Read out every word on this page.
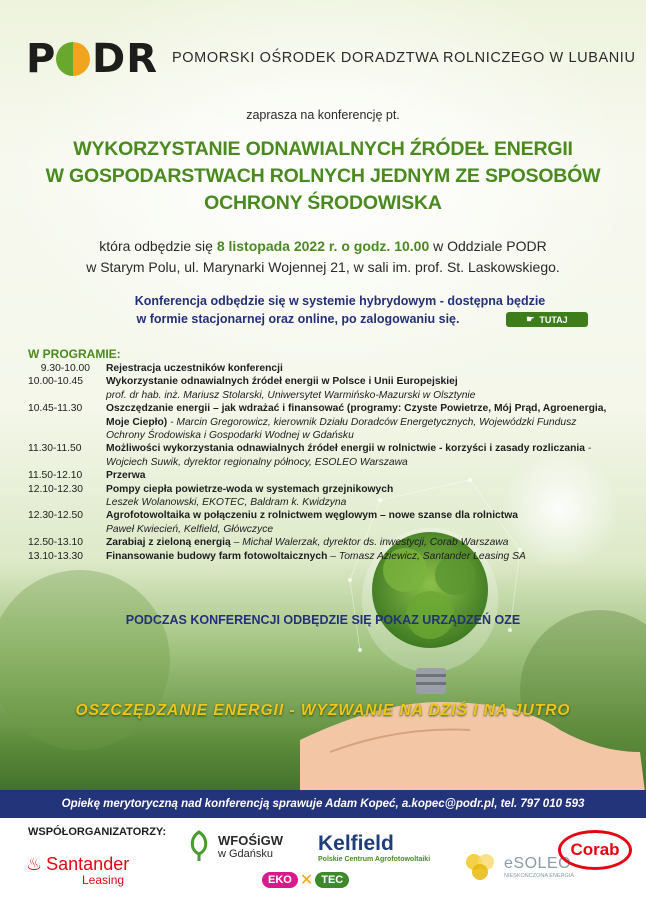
P DR POMORSKI OŚRODEK DORADZTWA ROLNICZEGO W LUBANIU
zaprasza na konferencję pt.
WYKORZYSTANIE ODNAWIALNYCH ŹRÓDEŁ ENERGII
W GOSPODARSTWACH ROLNYCH JEDNYM ZE SPOSOBÓW
OCHRONY ŚRODOWISKA
która odbędzie się 8 listopada 2022 r. o godz. 10.00 w Oddziale PODR
w Starym Polu, ul. Marynarki Wojennej 21, w sali im. prof. St. Laskowskiego.
Konferencja odbędzie się w systemie hybrydowym - dostępna będzie
w formie stacjonarnej oraz online, po zalogowaniu się.	☛ TUTAJ
W PROGRAMIE:
9.30-10.00	Rejestracja uczestników konferencji
10.00-10.45	Wykorzystanie odnawialnych źródeł energii w Polsce i Unii Europejskiej
prof. dr hab. inż. Mariusz Stolarski, Uniwersytet Warmińsko-Mazurski w Olsztynie
10.45-11.30	Oszczędzanie energii – jak wdrażać i finansować (programy: Czyste Powietrze, Mój Prąd, Agroenergia, Moje Ciepło) - Marcin Gregorowicz, kierownik Działu Doradców Energetycznych, Wojewódzki Fundusz Ochrony Środowiska i Gospodarki Wodnej w Gdańsku
11.30-11.50	Możliwości wykorzystania odnawialnych źródeł energii w rolnictwie - korzyści i zasady rozliczania - Wojciech Suwik, dyrektor regionalny północy, ESOLEO Warszawa
11.50-12.10	Przerwa
12.10-12.30	Pompy ciepła powietrze-woda w systemach grzejnikowych
Leszek Wolanowski, EKOTEC, Baldram k. Kwidzyna
12.30-12.50	Agrofotowoltaika w połączeniu z rolnictwem węglowym – nowe szanse dla rolnictwa
Paweł Kwiecień, Kelfield, Główczyce
12.50-13.10	Zarabiaj z zieloną energią – Michał Walerzak, dyrektor ds. inwestycji, Corab Warszawa
13.10-13.30	Finansowanie budowy farm fotowoltaicznych – Tomasz Aziewicz, Santander Leasing SA
PODCZAS KONFERENCJI ODBĘDZIE SIĘ POKAZ URZĄDZEŃ OZE
OSZCZĘDZANIE ENERGII - WYZWANIE NA DZIŚ I NA JUTRO
Opiekę merytoryczną nad konferencją sprawuje Adam Kopeć, a.kopec@podr.pl, tel. 797 010 593
WSPÓŁORGANIZATORZY:
♨ Santander
Leasing
WFOŚiGW
w Gdańsku	Kelfield
Polskie Centrum Agrofotowoltaiki
EKO ✕ TEC
eSOLEO
NIESKOŃCZONA ENERGIA
Corab
